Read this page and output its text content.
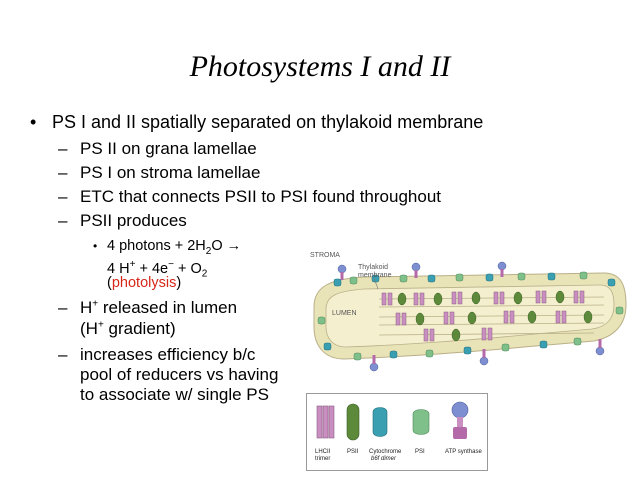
Photosystems I and II
• PS I and II spatially separated on thylakoid membrane
– PS II on grana lamellae
– PS I on stroma lamellae
– ETC that connects PSII to PSI found throughout
– PSII produces
• 4 photons + $2H_2O$ →
4 $H^+ + 4e^- + O_2$
(photolysis)
– H+ released in lumen
(H+ gradient)
– increases efficiency b/c
pool of reducers vs having
to associate w/ single PS
STROMA
Thylakoid
membrane
LUMEN
LHCII
trimer
PSII Cytochrome
b6f dimer
PSI	ATP synthase
